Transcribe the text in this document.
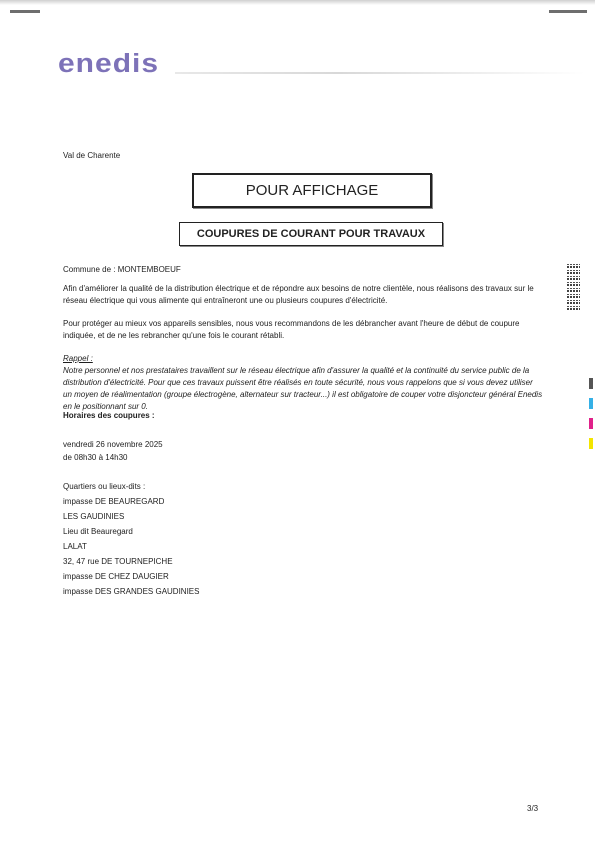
enedis
Val de Charente
POUR AFFICHAGE
COUPURES DE COURANT POUR TRAVAUX
Commune de : MONTEMBOEUF
Afin d'améliorer la qualité de la distribution électrique et de répondre aux besoins de notre clientèle, nous réalisons des travaux sur le réseau électrique qui vous alimente qui entraîneront une ou plusieurs coupures d'électricité.
Pour protéger au mieux vos appareils sensibles, nous vous recommandons de les débrancher avant l'heure de début de coupure indiquée, et de ne les rebrancher qu'une fois le courant rétabli.
Rappel :
Notre personnel et nos prestataires travaillent sur le réseau électrique afin d'assurer la qualité et la continuité du service public de la distribution d'électricité. Pour que ces travaux puissent être réalisés en toute sécurité, nous vous rappelons que si vous devez utiliser un moyen de réalimentation (groupe électrogène, alternateur sur tracteur...) il est obligatoire de couper votre disjoncteur général Enedis en le positionnant sur 0.
Horaires des coupures :
vendredi 26 novembre 2025
de 08h30 à 14h30
Quartiers ou lieux-dits :
impasse DE BEAUREGARD
LES GAUDINIES
Lieu dit Beauregard
LALAT
32, 47 rue DE TOURNEPICHE
impasse DE CHEZ DAUGIER
impasse DES GRANDES GAUDINIES
3/3
